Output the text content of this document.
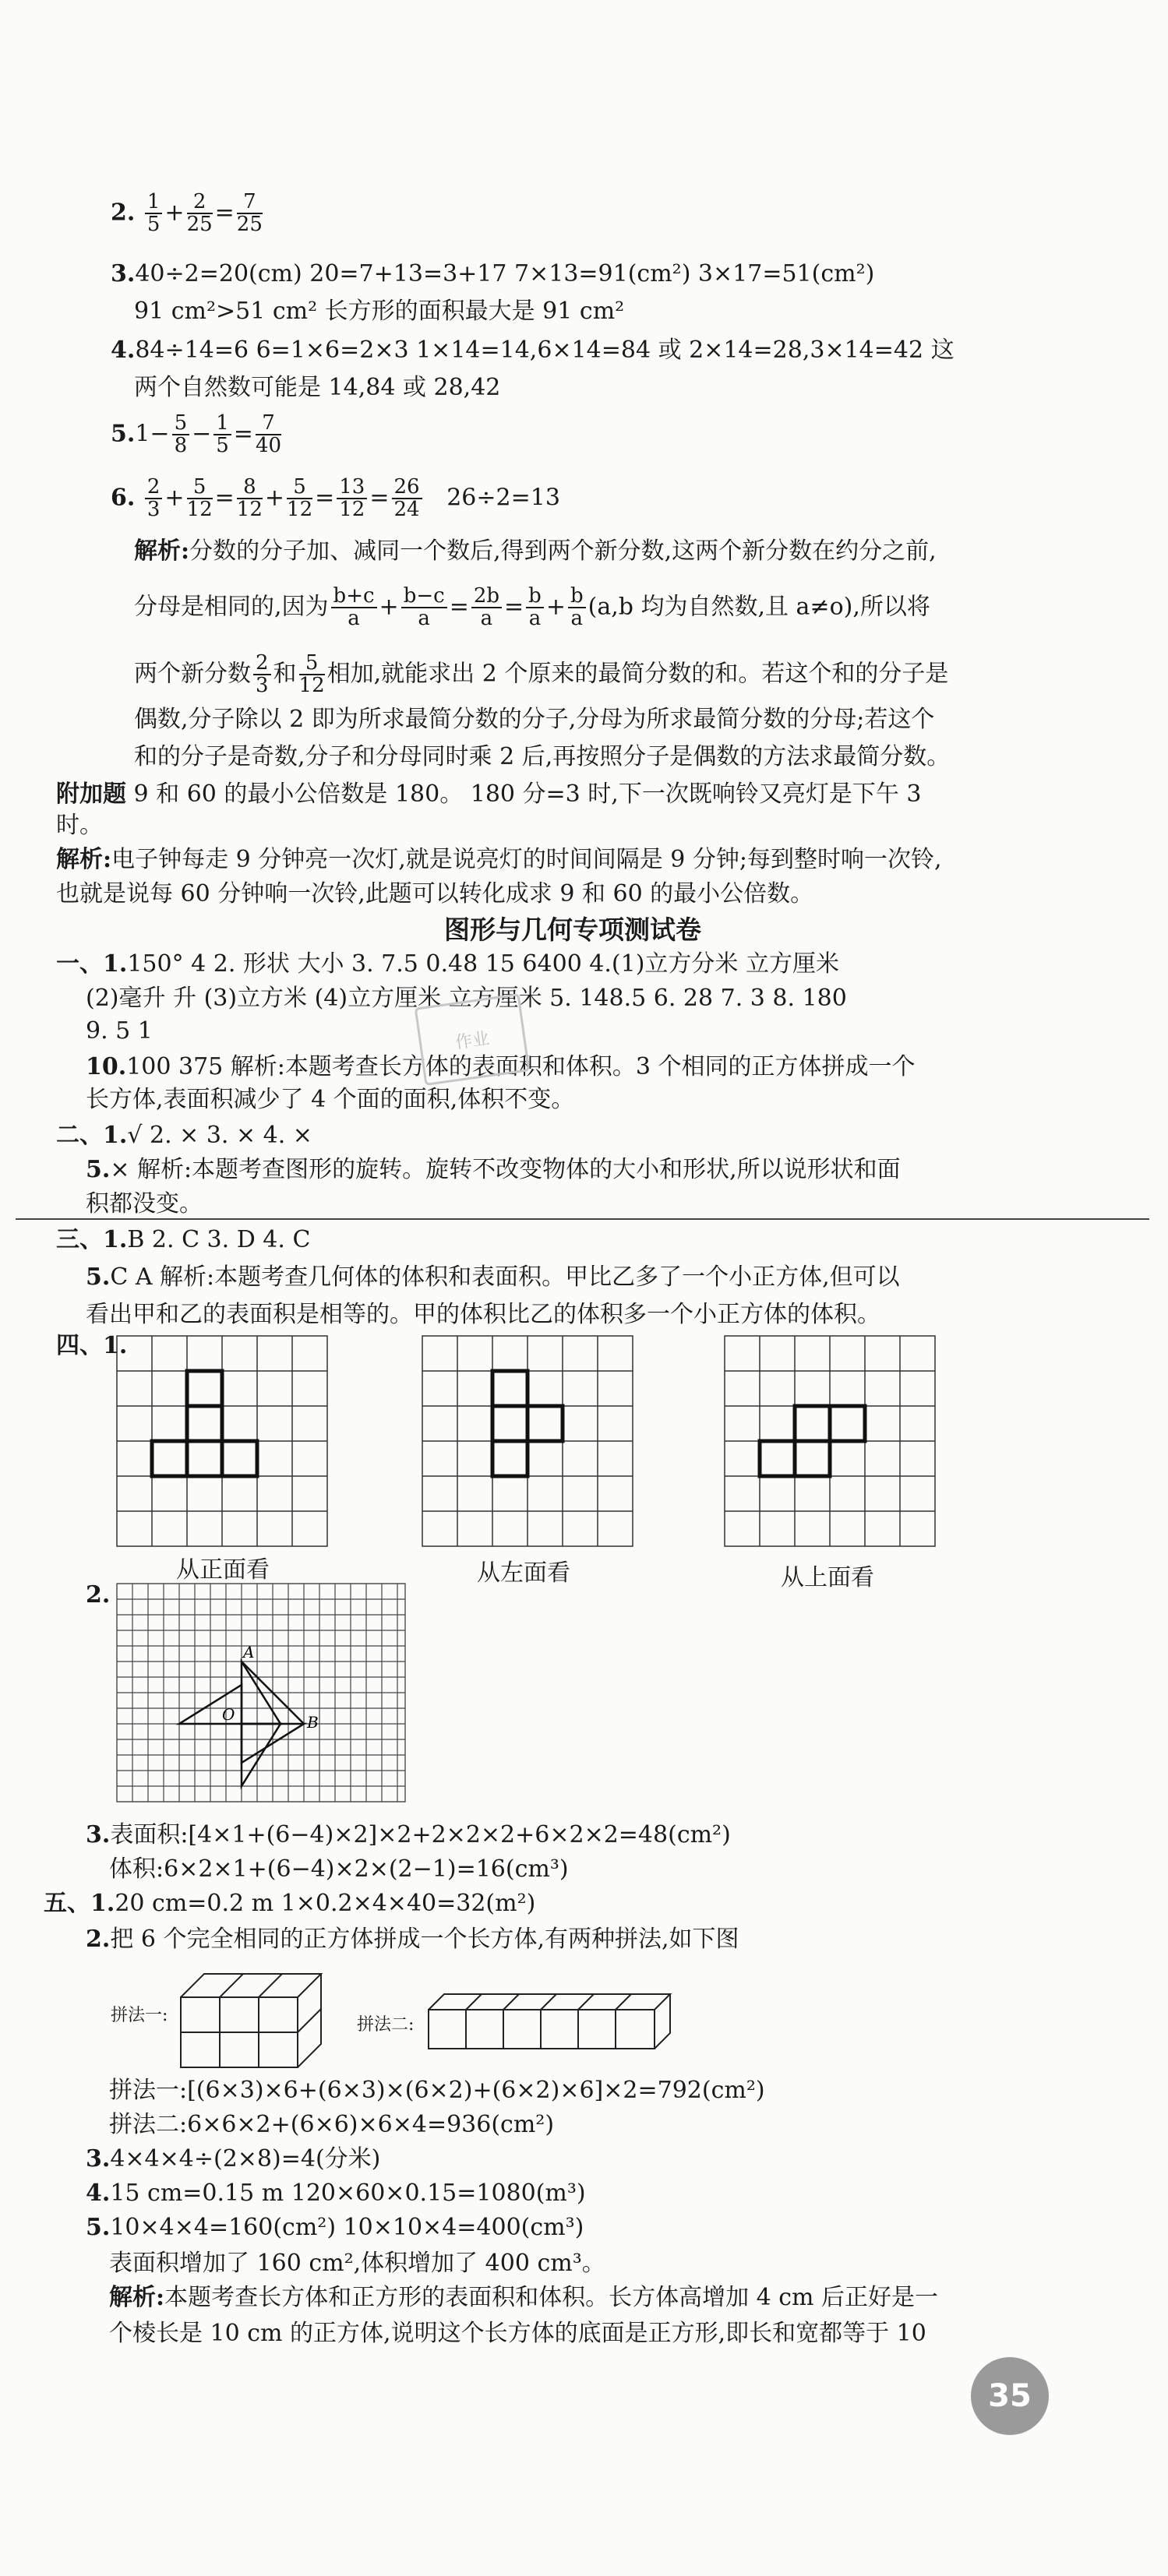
2. $\frac{1}{5} + \frac{2}{25} = \frac{7}{25}$
3.40÷2=20(cm) 20=7+13=3+17 7×13=91(cm²) 3×17=51(cm²)
91 cm²>51 cm² 长方形的面积最大是 91 cm²
4.84÷14=6 6=1×6=2×3 1×14=14,6×14=84 或 2×14=28,3×14=42 这
两个自然数可能是 14,84 或 28,42
$5.1- \frac{5}{8} - \frac{1}{5} = \frac{7}{40}$
6. $\frac{2}{3} + \frac{5}{12} = \frac{8}{12} + \frac{5}{12} = \frac{13}{12} = \frac{26}{24} 26\div 2=13$
解析:分数的分子加、减同一个数后,得到两个新分数,这两个新分数在约分之前,
分母是相同的,因为 $\frac{b+c}{a} + \frac{b-c}{a} = \frac{2b}{a} = \frac{b}{a} + \frac{b}{a} (a,b$ 均为自然数,且 a≠o),所以将
两个新分数 $\frac{2}{3}$ 和 $\frac{5}{12}$ 相加,就能求出 2 个原来的最简分数的和。若这个和的分子是
偶数,分子除以 2 即为所求最简分数的分子,分母为所求最简分数的分母;若这个
和的分子是奇数,分子和分母同时乘 2 后,再按照分子是偶数的方法求最简分数。
附加题 9 和 60 的最小公倍数是 180。 180 分=3 时,下一次既响铃又亮灯是下午 3
时。
解析:电子钟每走 9 分钟亮一次灯,就是说亮灯的时间间隔是 9 分钟;每到整时响一次铃,
也就是说每 60 分钟响一次铃,此题可以转化成求 9 和 60 的最小公倍数。
图形与几何专项测试卷
一、1.150° 4 2. 形状 大小 3. 7.5 0.48 15 6400 4.(1)立方分米 立方厘米
(2)毫升 升 (3)立方米 (4)立方厘米 立方厘米 5. 148.5 6. 28 7. 3 8. 180
9. 5 1
10.100 375 解析:本题考查长方体的表面积和体积。3 个相同的正方体拼成一个
长方体,表面积减少了 4 个面的面积,体积不变。
作业
二、1.√ 2. × 3. × 4. ×
5.× 解析:本题考查图形的旋转。旋转不改变物体的大小和形状,所以说形状和面
积都没变。
三、1.B 2. C 3. D 4. C
5.C A 解析:本题考查几何体的体积和表面积。甲比乙多了一个小正方体,但可以
看出甲和乙的表面积是相等的。甲的体积比乙的体积多一个小正方体的体积。
四、1.
从正面看	从左面看	从上面看
2.
A
O	B
3.表面积:[4×1+(6−4)×2]×2+2×2×2+6×2×2=48(cm²)
体积:6×2×1+(6−4)×2×(2−1)=16(cm³)
五、1.20 cm=0.2 m 1×0.2×4×40=32(m²)
2.把 6 个完全相同的正方体拼成一个长方体,有两种拼法,如下图
拼法一:	拼法二:
拼法一:[(6×3)×6+(6×3)×(6×2)+(6×2)×6]×2=792(cm²)
拼法二:6×6×2+(6×6)×6×4=936(cm²)
3.4×4×4÷(2×8)=4(分米)
4.15 cm=0.15 m 120×60×0.15=1080(m³)
5.10×4×4=160(cm²) 10×10×4=400(cm³)
表面积增加了 160 cm²,体积增加了 400 cm³。
解析:本题考查长方体和正方形的表面积和体积。长方体高增加 4 cm 后正好是一
个棱长是 10 cm 的正方体,说明这个长方体的底面是正方形,即长和宽都等于 10
35
